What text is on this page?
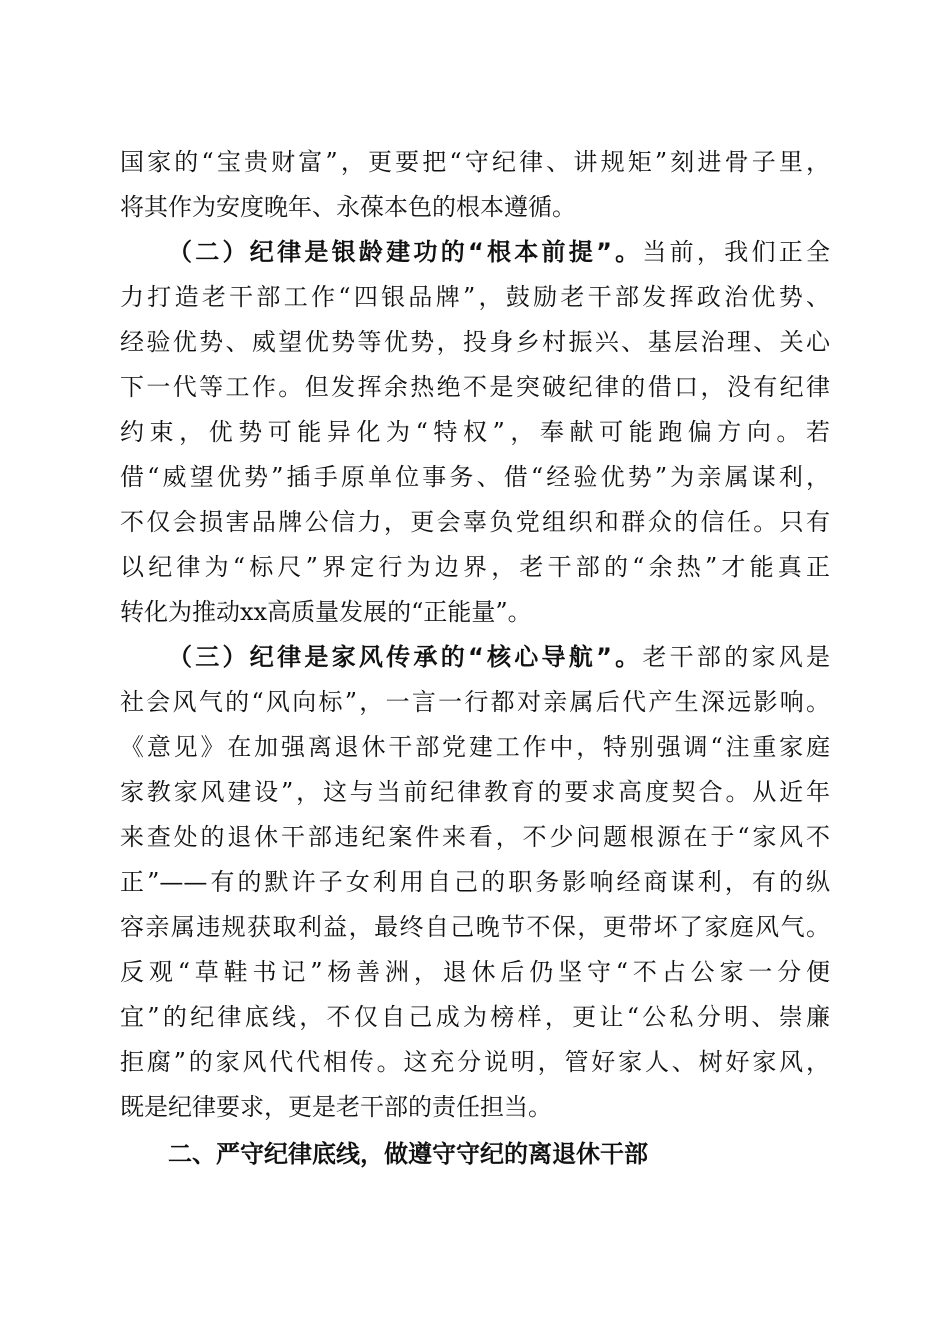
国家的“宝贵财富”，更要把“守纪律、讲规矩”刻进骨子里，
将其作为安度晚年、永葆本色的根本遵循。
（二）纪律是银龄建功的“根本前提”。当前，我们正全
力打造老干部工作“四银品牌”，鼓励老干部发挥政治优势、
经验优势、威望优势等优势，投身乡村振兴、基层治理、关心
下一代等工作。但发挥余热绝不是突破纪律的借口，没有纪律
约束，优势可能异化为“特权”，奉献可能跑偏方向。若
借“威望优势”插手原单位事务、借“经验优势”为亲属谋利，
不仅会损害品牌公信力，更会辜负党组织和群众的信任。只有
以纪律为“标尺”界定行为边界，老干部的“余热”才能真正
转化为推动xx高质量发展的“正能量”。
（三）纪律是家风传承的“核心导航”。老干部的家风是
社会风气的“风向标”，一言一行都对亲属后代产生深远影响。
《意见》在加强离退休干部党建工作中，特别强调“注重家庭
家教家风建设”，这与当前纪律教育的要求高度契合。从近年
来查处的退休干部违纪案件来看，不少问题根源在于“家风不
正”——有的默许子女利用自己的职务影响经商谋利，有的纵
容亲属违规获取利益，最终自己晚节不保，更带坏了家庭风气。
反观“草鞋书记”杨善洲，退休后仍坚守“不占公家一分便
宜”的纪律底线，不仅自己成为榜样，更让“公私分明、崇廉
拒腐”的家风代代相传。这充分说明，管好家人、树好家风，
既是纪律要求，更是老干部的责任担当。
二、严守纪律底线，做遵守守纪的离退休干部
